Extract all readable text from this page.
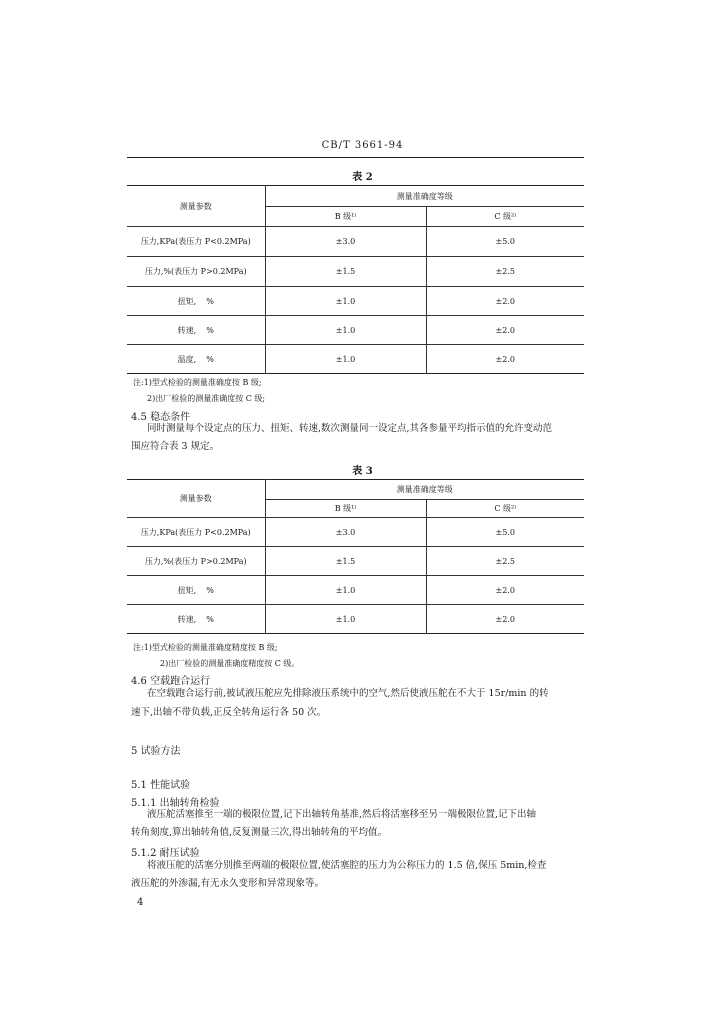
CB/T 3661-94
表 2
测量参数	测量准确度等级	
	B 级¹⁾	C 级²⁾
压力,KPa(表压力 P<0.2MPa)	±3.0	±5.0
压力,%(表压力 P>0.2MPa)	±1.5	±2.5
扭矩,    %	±1.0	±2.0
转速,    %	±1.0	±2.0
温度,    %	±1.0	±2.0
注:1)型式检验的测量准确度按 B 级;
2)出厂检验的测量准确度按 C 级;
4.5 稳态条件
同时测量每个设定点的压力、扭矩、转速,数次测量同一设定点,其各参量平均指示值的允许变动范
围应符合表 3 规定。
表 3
测量参数	测量准确度等级	
	B 级¹⁾	C 级²⁾
压力,KPa(表压力 P<0.2MPa)	±3.0	±5.0
压力,%(表压力 P>0.2MPa)	±1.5	±2.5
扭矩,    %	±1.0	±2.0
转速,    %	±1.0	±2.0
注:1)型式检验的测量准确度精度按 B 级;
2)出厂检验的测量准确度精度按 C 级。
4.6 空载跑合运行
在空载跑合运行前,被试液压舵应先排除液压系统中的空气,然后使液压舵在不大于 15r/min 的转
速下,出轴不带负载,正反全转角运行各 50 次。
5 试验方法
5.1 性能试验
5.1.1 出轴转角检验
液压舵活塞推至一端的极限位置,记下出轴转角基准,然后将活塞移至另一端极限位置,记下出轴
转角刻度,算出轴转角值,反复测量三次,得出轴转角的平均值。
5.1.2 耐压试验
将液压舵的活塞分别推至两端的极限位置,使活塞腔的压力为公称压力的 1.5 倍,保压 5min,检查
液压舵的外渗漏,有无永久变形和异常现象等。
4
